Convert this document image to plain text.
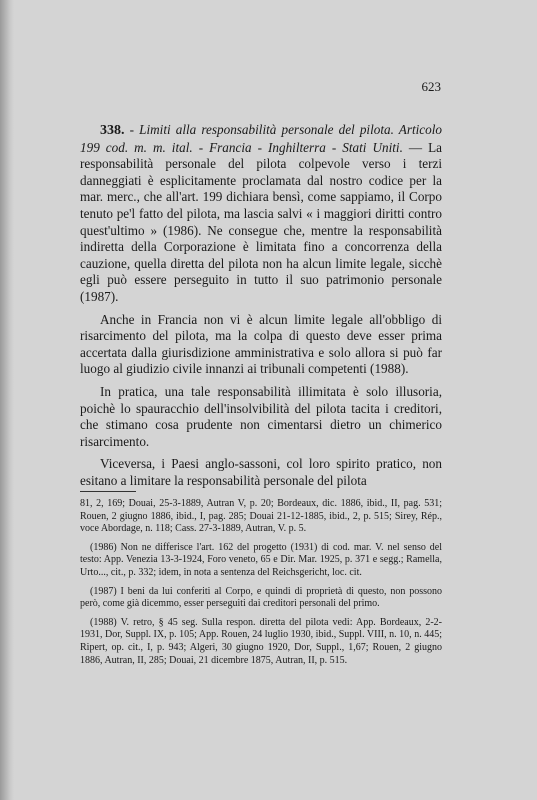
623

338. - Limiti alla responsabilità personale del pilota. Articolo 199 cod. m. m. ital. - Francia - Inghilterra - Stati Uniti. — La responsabilità personale del pilota colpevole verso i terzi danneggiati è esplicitamente proclamata dal nostro codice per la mar. merc., che all'art. 199 dichiara bensì, come sappiamo, il Corpo tenuto pe'l fatto del pilota, ma lascia salvi « i maggiori diritti contro quest'ultimo » (1986). Ne consegue che, mentre la responsabilità indiretta della Corporazione è limitata fino a concorrenza della cauzione, quella diretta del pilota non ha alcun limite legale, sicchè egli può essere perseguito in tutto il suo patrimonio personale (1987).

Anche in Francia non vi è alcun limite legale all'obbligo di risarcimento del pilota, ma la colpa di questo deve esser prima accertata dalla giurisdizione amministrativa e solo allora si può far luogo al giudizio civile innanzi ai tribunali competenti (1988).

In pratica, una tale responsabilità illimitata è solo illusoria, poichè lo spauracchio dell'insolvibilità del pilota tacita i creditori, che stimano cosa prudente non cimentarsi dietro un chimerico risarcimento.

Viceversa, i Paesi anglo-sassoni, col loro spirito pratico, non esitano a limitare la responsabilità personale del pilota

81, 2, 169; Douai, 25-3-1889, Autran V, p. 20; Bordeaux, dic. 1886, ibid., II, pag. 531; Rouen, 2 giugno 1886, ibid., I, pag. 285; Douai 21-12-1885, ibid., 2, p. 515; Sirey, Rép., voce Abordage, n. 118; Cass. 27-3-1889, Autran, V. p. 5.

(1986) Non ne differisce l'art. 162 del progetto (1931) di cod. mar. V. nel senso del testo: App. Venezia 13-3-1924, Foro veneto, 65 e Dir. Mar. 1925, p. 371 e segg.; Ramella, Urto..., cit., p. 332; idem, in nota a sentenza del Reichsgericht, loc. cit.

(1987) I beni da lui conferiti al Corpo, e quindi di proprietà di questo, non possono però, come già dicemmo, esser perseguiti dai creditori personali del primo.

(1988) V. retro, § 45 seg. Sulla respon. diretta del pilota vedi: App. Bordeaux, 2-2-1931, Dor, Suppl. IX, p. 105; App. Rouen, 24 luglio 1930, ibid., Suppl. VIII, n. 10, n. 445; Ripert, op. cit., I, p. 943; Algeri, 30 giugno 1920, Dor, Suppl., 1,67; Rouen, 2 giugno 1886, Autran, II, 285; Douai, 21 dicembre 1875, Autran, II, p. 515.
